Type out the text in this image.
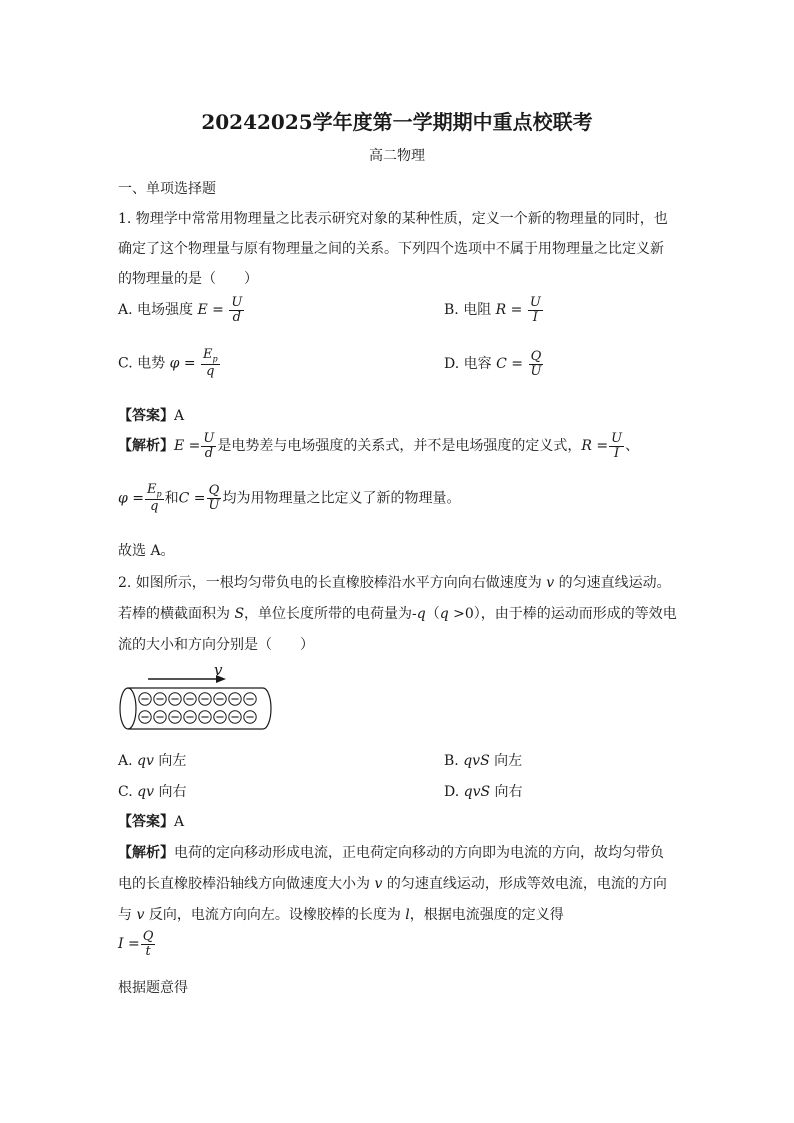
20242025学年度第一学期期中重点校联考
高二物理
一、单项选择题
1. 物理学中常常用物理量之比表示研究对象的某种性质，定义一个新的物理量的同时，也
确定了这个物理量与原有物理量之间的关系。下列四个选项中不属于用物理量之比定义新
的物理量的是（　　）
A. 电场强度 $E = \frac{U}{d}$	B. 电阻 $R = \frac{U}{I}$
C. 电势 $\varphi = \frac{E_p}{q}$	D. 电容 $C = \frac{Q}{U}$
【答案】A
【解析】$E = \frac{U}{d}$ 是电势差与电场强度的关系式，并不是电场强度的定义式，$R = \frac{U}{I}$ 、
$\varphi = \frac{E_p}{q}$ 和$C = \frac{Q}{U}$ 均为用物理量之比定义了新的物理量。
故选 A。
2. 如图所示，一根均匀带负电的长直橡胶棒沿水平方向向右做速度为 v 的匀速直线运动。
若棒的横截面积为 S，单位长度所带的电荷量为-q（q >0），由于棒的运动而形成的等效电
流的大小和方向分别是（　　）
v
A. qv 向左	B. qvS 向左
C. qv 向右	D. qvS 向右
【答案】A
【解析】电荷的定向移动形成电流，正电荷定向移动的方向即为电流的方向，故均匀带负
电的长直橡胶棒沿轴线方向做速度大小为 v 的匀速直线运动，形成等效电流，电流的方向
与 v 反向，电流方向向左。设橡胶棒的长度为 l，根据电流强度的定义得
$I = \frac{Q}{t}$
根据题意得
